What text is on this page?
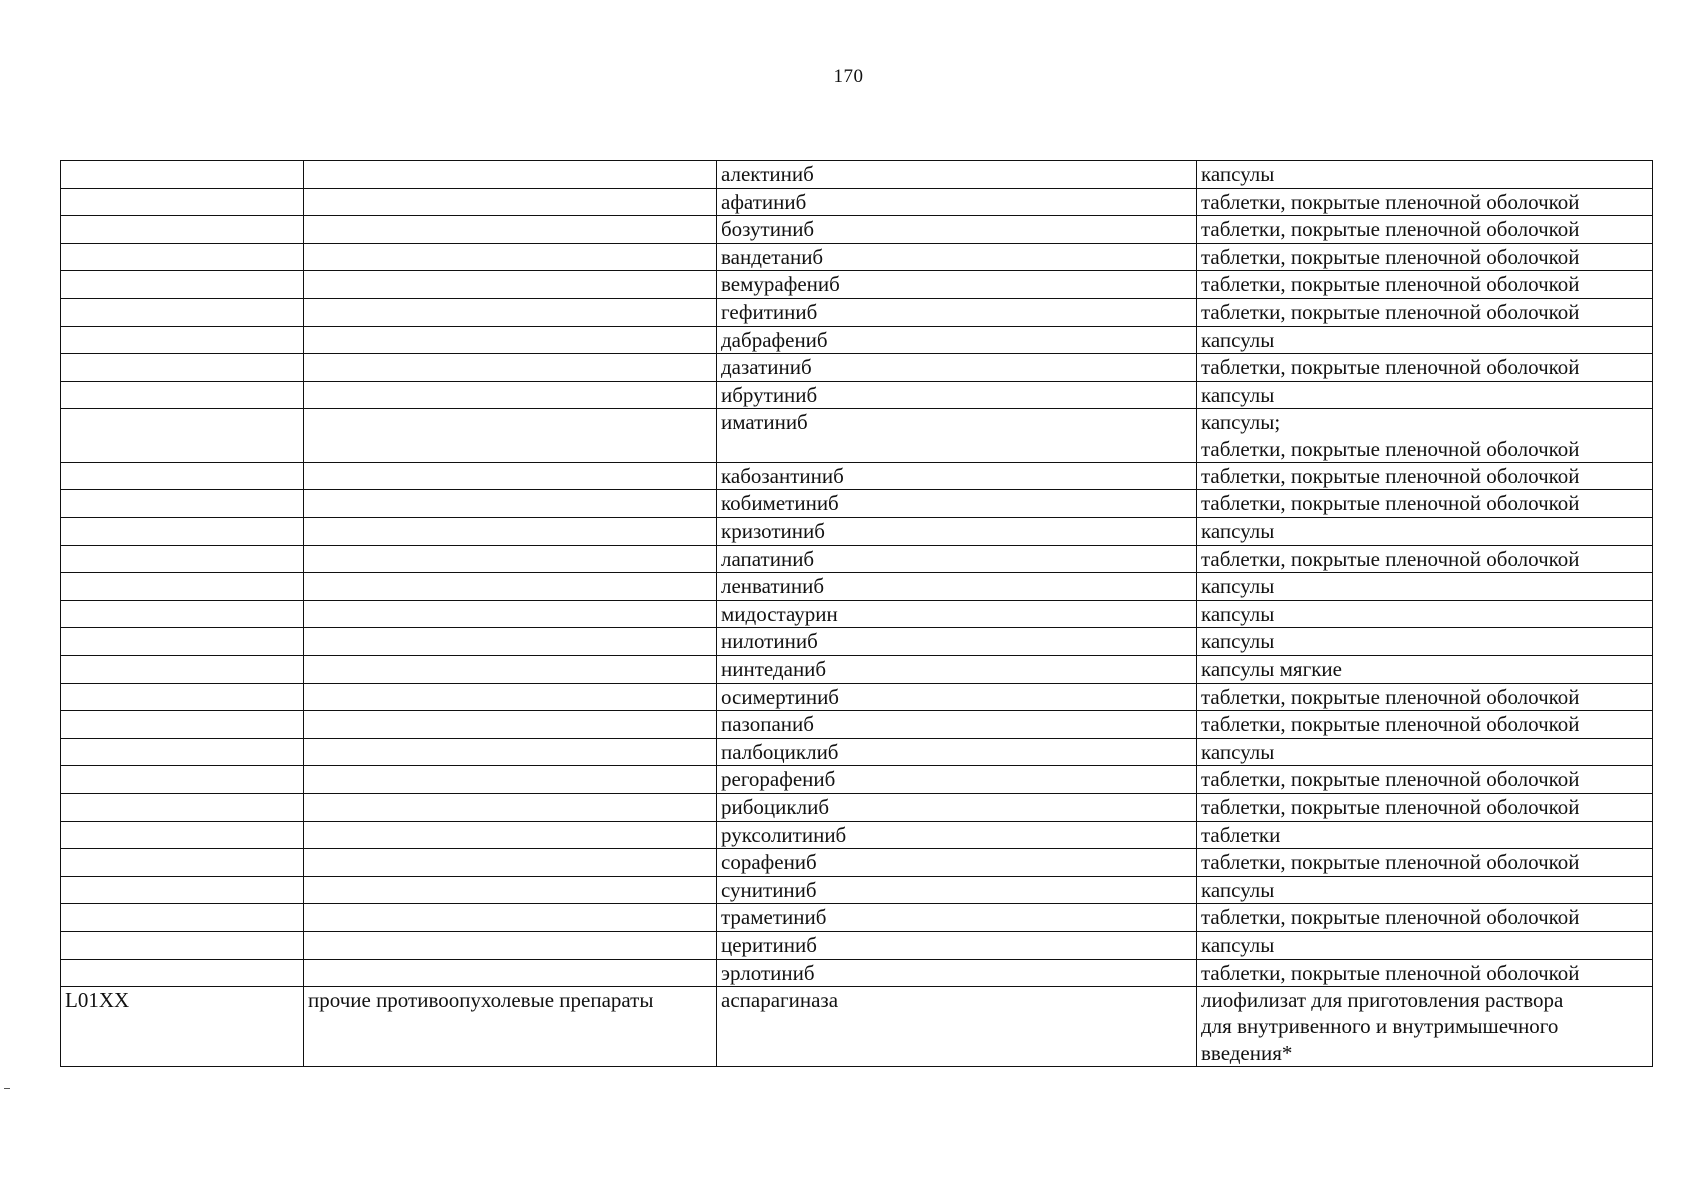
170
		алектиниб	капсулы

		афатиниб	таблетки, покрытые пленочной оболочкой

		бозутиниб	таблетки, покрытые пленочной оболочкой

		вандетаниб	таблетки, покрытые пленочной оболочкой

		вемурафениб	таблетки, покрытые пленочной оболочкой

		гефитиниб	таблетки, покрытые пленочной оболочкой

		дабрафениб	капсулы

		дазатиниб	таблетки, покрытые пленочной оболочкой

		ибрутиниб	капсулы

		иматиниб	капсулы;
таблетки, покрытые пленочной оболочкой

		кабозантиниб	таблетки, покрытые пленочной оболочкой

		кобиметиниб	таблетки, покрытые пленочной оболочкой

		кризотиниб	капсулы

		лапатиниб	таблетки, покрытые пленочной оболочкой

		ленватиниб	капсулы

		мидостаурин	капсулы

		нилотиниб	капсулы

		нинтеданиб	капсулы мягкие

		осимертиниб	таблетки, покрытые пленочной оболочкой

		пазопаниб	таблетки, покрытые пленочной оболочкой

		палбоциклиб	капсулы

		регорафениб	таблетки, покрытые пленочной оболочкой

		рибоциклиб	таблетки, покрытые пленочной оболочкой

		руксолитиниб	таблетки

		сорафениб	таблетки, покрытые пленочной оболочкой

		сунитиниб	капсулы

		траметиниб	таблетки, покрытые пленочной оболочкой

		церитиниб	капсулы

		эрлотиниб	таблетки, покрытые пленочной оболочкой

L01XX	прочие противоопухолевые препараты	аспарагиназа	лиофилизат для приготовления раствора
для внутривенного и внутримышечного
введения*
